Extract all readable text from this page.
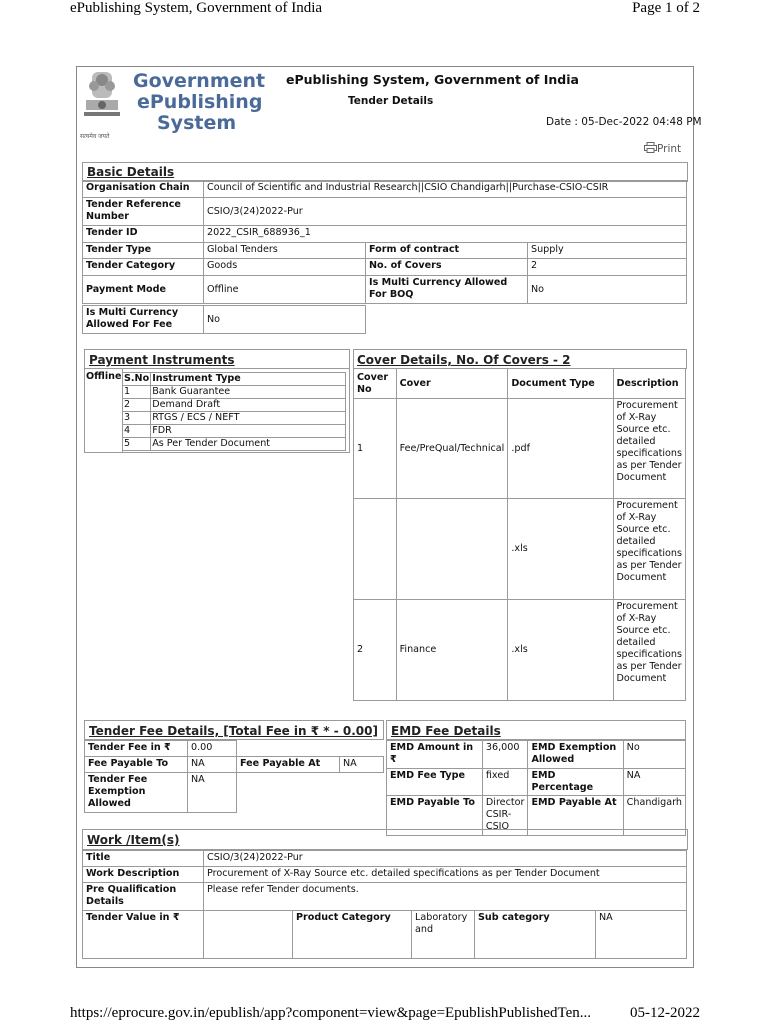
ePublishing System, Government of India	Page 1 of 2
सत्यमेव जयते
Government
ePublishing
System
ePublishing System, Government of India
Tender Details
Date : 05-Dec-2022 04:48 PM
Print
Basic Details
Organisation Chain	Council of Scientific and Industrial Research||CSIO Chandigarh||Purchase-CSIO-CSIR		
Tender Reference Number	CSIO/3(24)2022-Pur		
Tender ID	2022_CSIR_688936_1		
Tender Type	Global Tenders	Form of contract	Supply
Tender Category	Goods	No. of Covers	2
Payment Mode	Offline	Is Multi Currency Allowed For BOQ	No
Is Multi Currency Allowed For Fee	No
Payment Instruments
Offline S.No	Instrument Type
1	Bank Guarantee
2	Demand Draft
3	RTGS / ECS / NEFT
4	FDR
5	As Per Tender Document
Cover Details, No. Of Covers - 2
Cover No	Cover	Document Type	Description
1	Fee/PreQual/Technical	.pdf	Procurement of X-Ray Source etc. detailed specifications as per Tender Document
		.xls	Procurement of X-Ray Source etc. detailed specifications as per Tender Document
2	Finance	.xls	Procurement of X-Ray Source etc. detailed specifications as per Tender Document
Tender Fee Details, [Total Fee in ₹ * - 0.00]
Tender Fee in ₹	0.00		
Fee Payable To	NA	Fee Payable At	NA
Tender Fee Exemption Allowed	NA		
EMD Fee Details
EMD Amount in ₹	36,000	EMD Exemption Allowed	No
EMD Fee Type	fixed	EMD Percentage	NA
EMD Payable To	Director CSIR-CSIO	EMD Payable At	Chandigarh
Work /Item(s)
Title	CSIO/3(24)2022-Pur				
Work Description	Procurement of X-Ray Source etc. detailed specifications as per Tender Document				
Pre Qualification Details	Please refer Tender documents.				
Tender Value in ₹		Product Category	Laboratory and	Sub category	NA
https://eprocure.gov.in/epublish/app?component=view&page=EpublishPublishedTen...	05-12-2022
